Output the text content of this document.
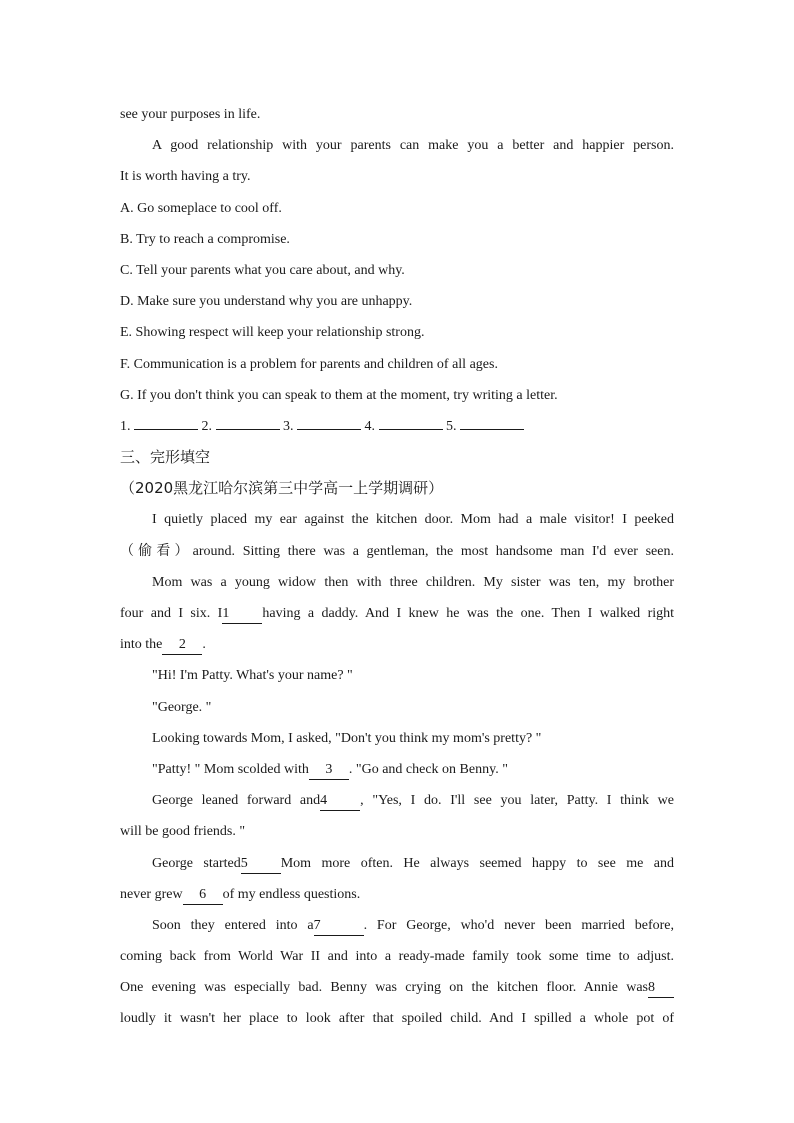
see your purposes in life.
A good relationship with your parents can make you a better and happier person.
It is worth having a try.
A. Go someplace to cool off.
B. Try to reach a compromise.
C. Tell your parents what you care about, and why.
D. Make sure you understand why you are unhappy.
E. Showing respect will keep your relationship strong.
F. Communication is a problem for parents and children of all ages.
G. If you don't think you can speak to them at the moment, try writing a letter.
1.	2.	3.	4.	5.
三、完形填空
（2020黑龙江哈尔滨第三中学高一上学期调研）
I quietly placed my ear against the kitchen door. Mom had a male visitor! I peeked
（偷看）around. Sitting there was a gentleman, the most handsome man I'd ever seen.
Mom was a young widow then with three children. My sister was ten, my brother
four and I six. I1 having a daddy. And I knew he was the one. Then I walked right
into the 2 .
"Hi! I'm Patty. What's your name? "
"George. "
Looking towards Mom, I asked, "Don't you think my mom's pretty? "
"Patty! " Mom scolded with 3 . "Go and check on Benny. "
George leaned forward and4 , "Yes, I do. I'll see you later, Patty. I think we
will be good friends. "
George started5 Mom more often. He always seemed happy to see me and
never grew 6 of my endless questions.
Soon they entered into a7	. For George, who'd never been married before,
coming back from World War II and into a ready-made family took some time to adjust.
One evening was especially bad. Benny was crying on the kitchen floor. Annie was8
loudly it wasn't her place to look after that spoiled child. And I spilled a whole pot of
